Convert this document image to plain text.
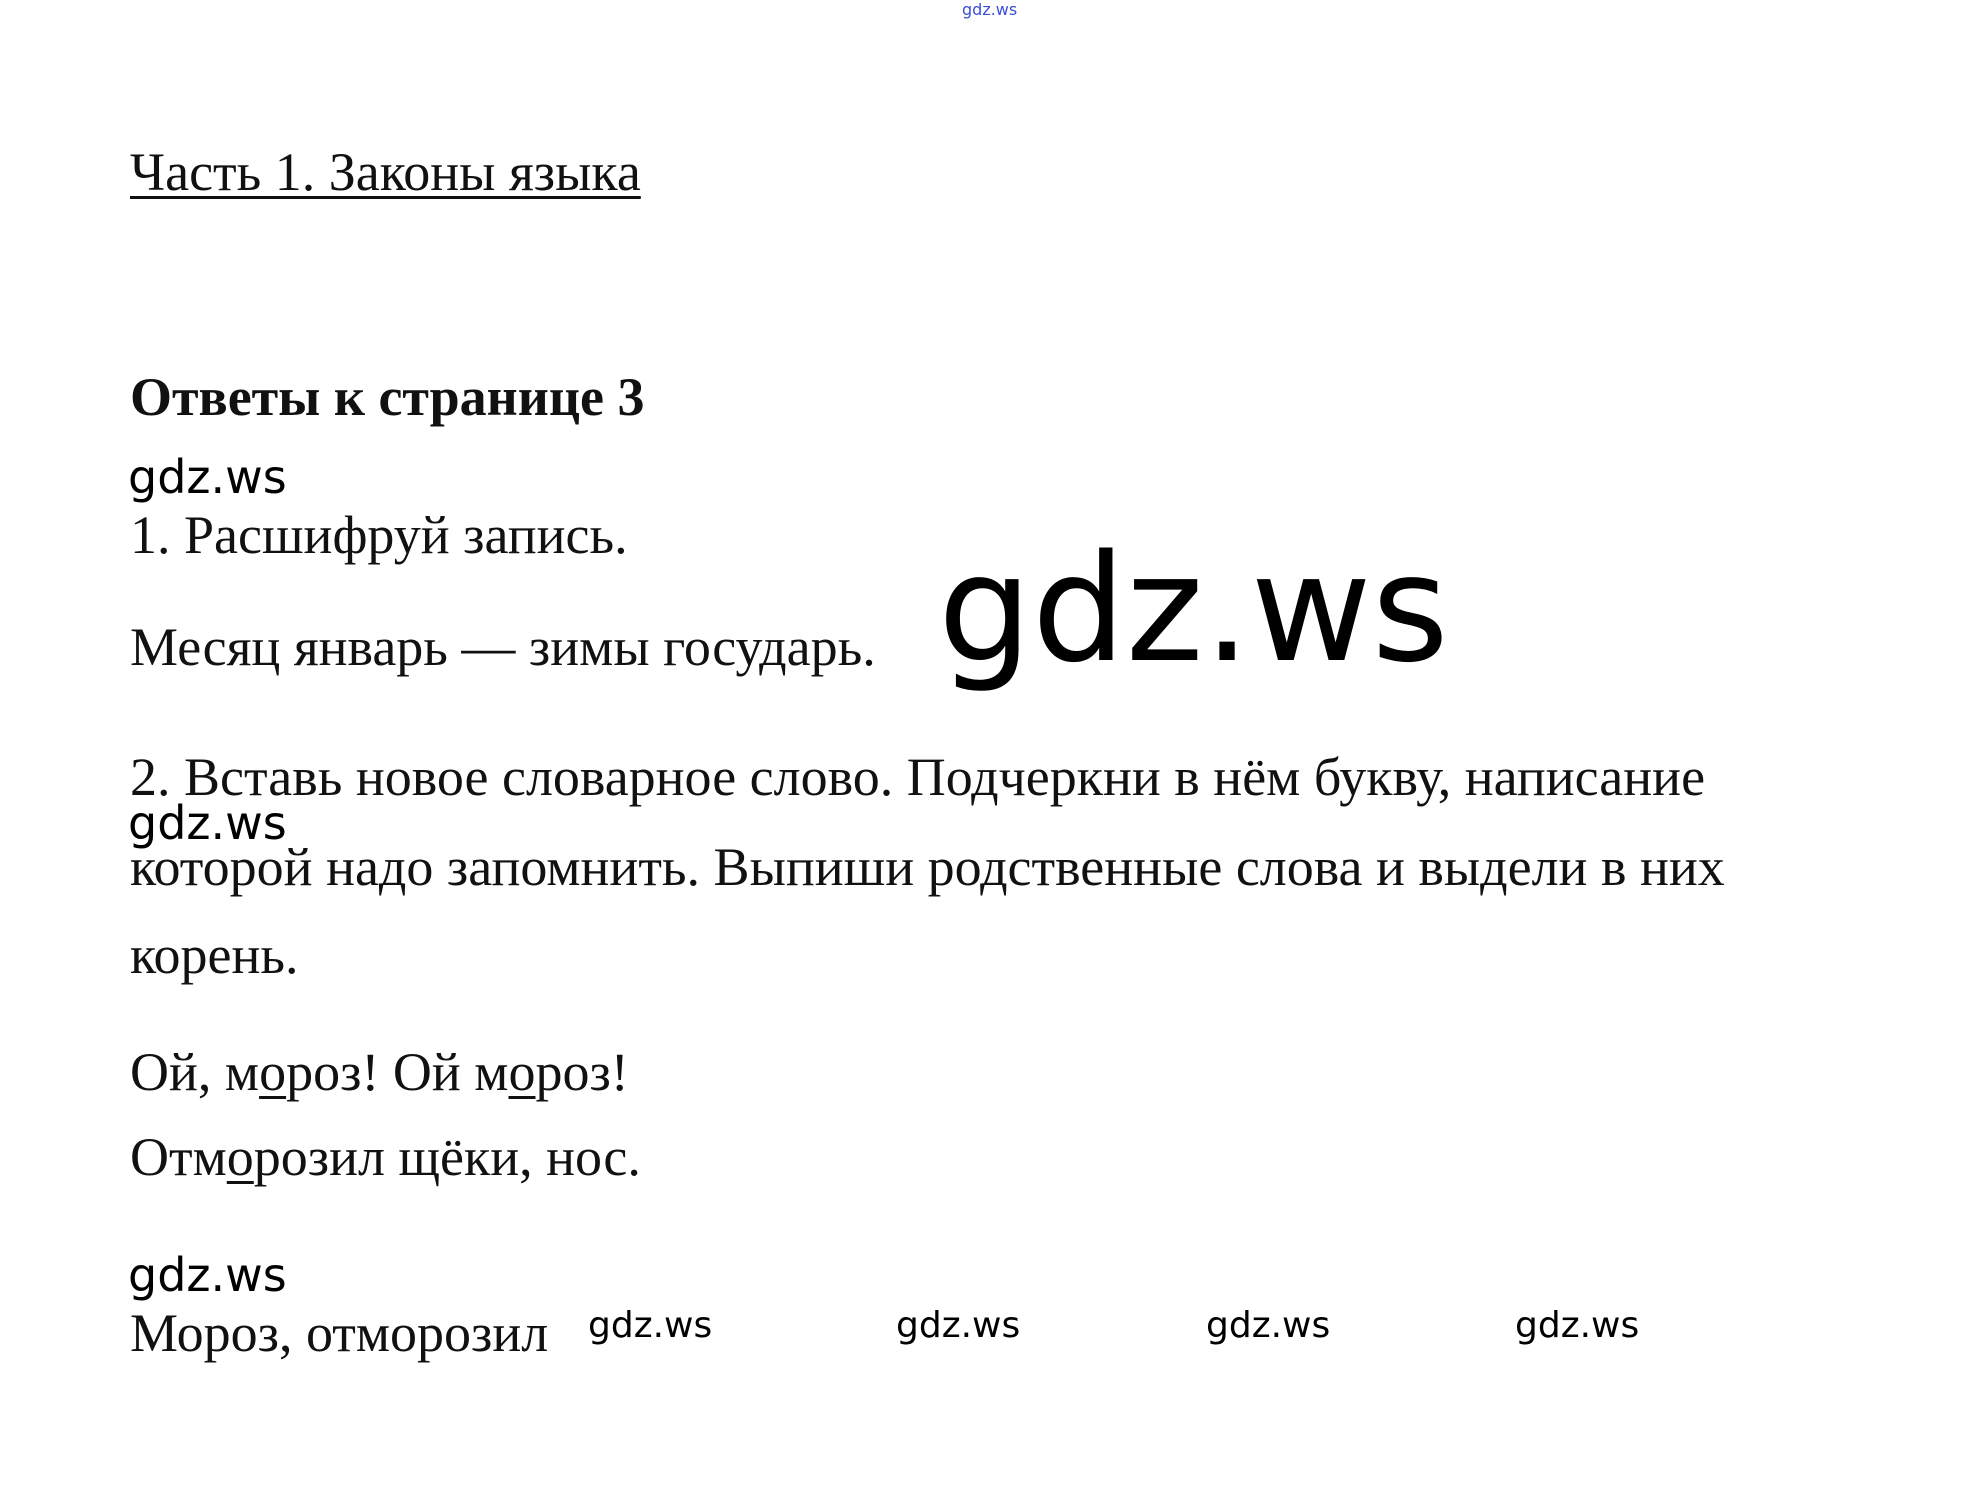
gdz.ws
Часть 1. Законы языка
Ответы к странице 3
gdz.ws
1. Расшифруй запись.
Месяц январь — зимы государь. gdz.ws
2. Вставь новое словарное слово. Подчеркни в нём букву, написание
gdz.ws
которой надо запомнить. Выпиши родственные слова и выдели в них
корень.
Ой, мороз! Ой мороз!
Отморозил щёки, нос.
gdz.ws
Мороз, отморозил gdz.ws	gdz.ws	gdz.ws	gdz.ws
